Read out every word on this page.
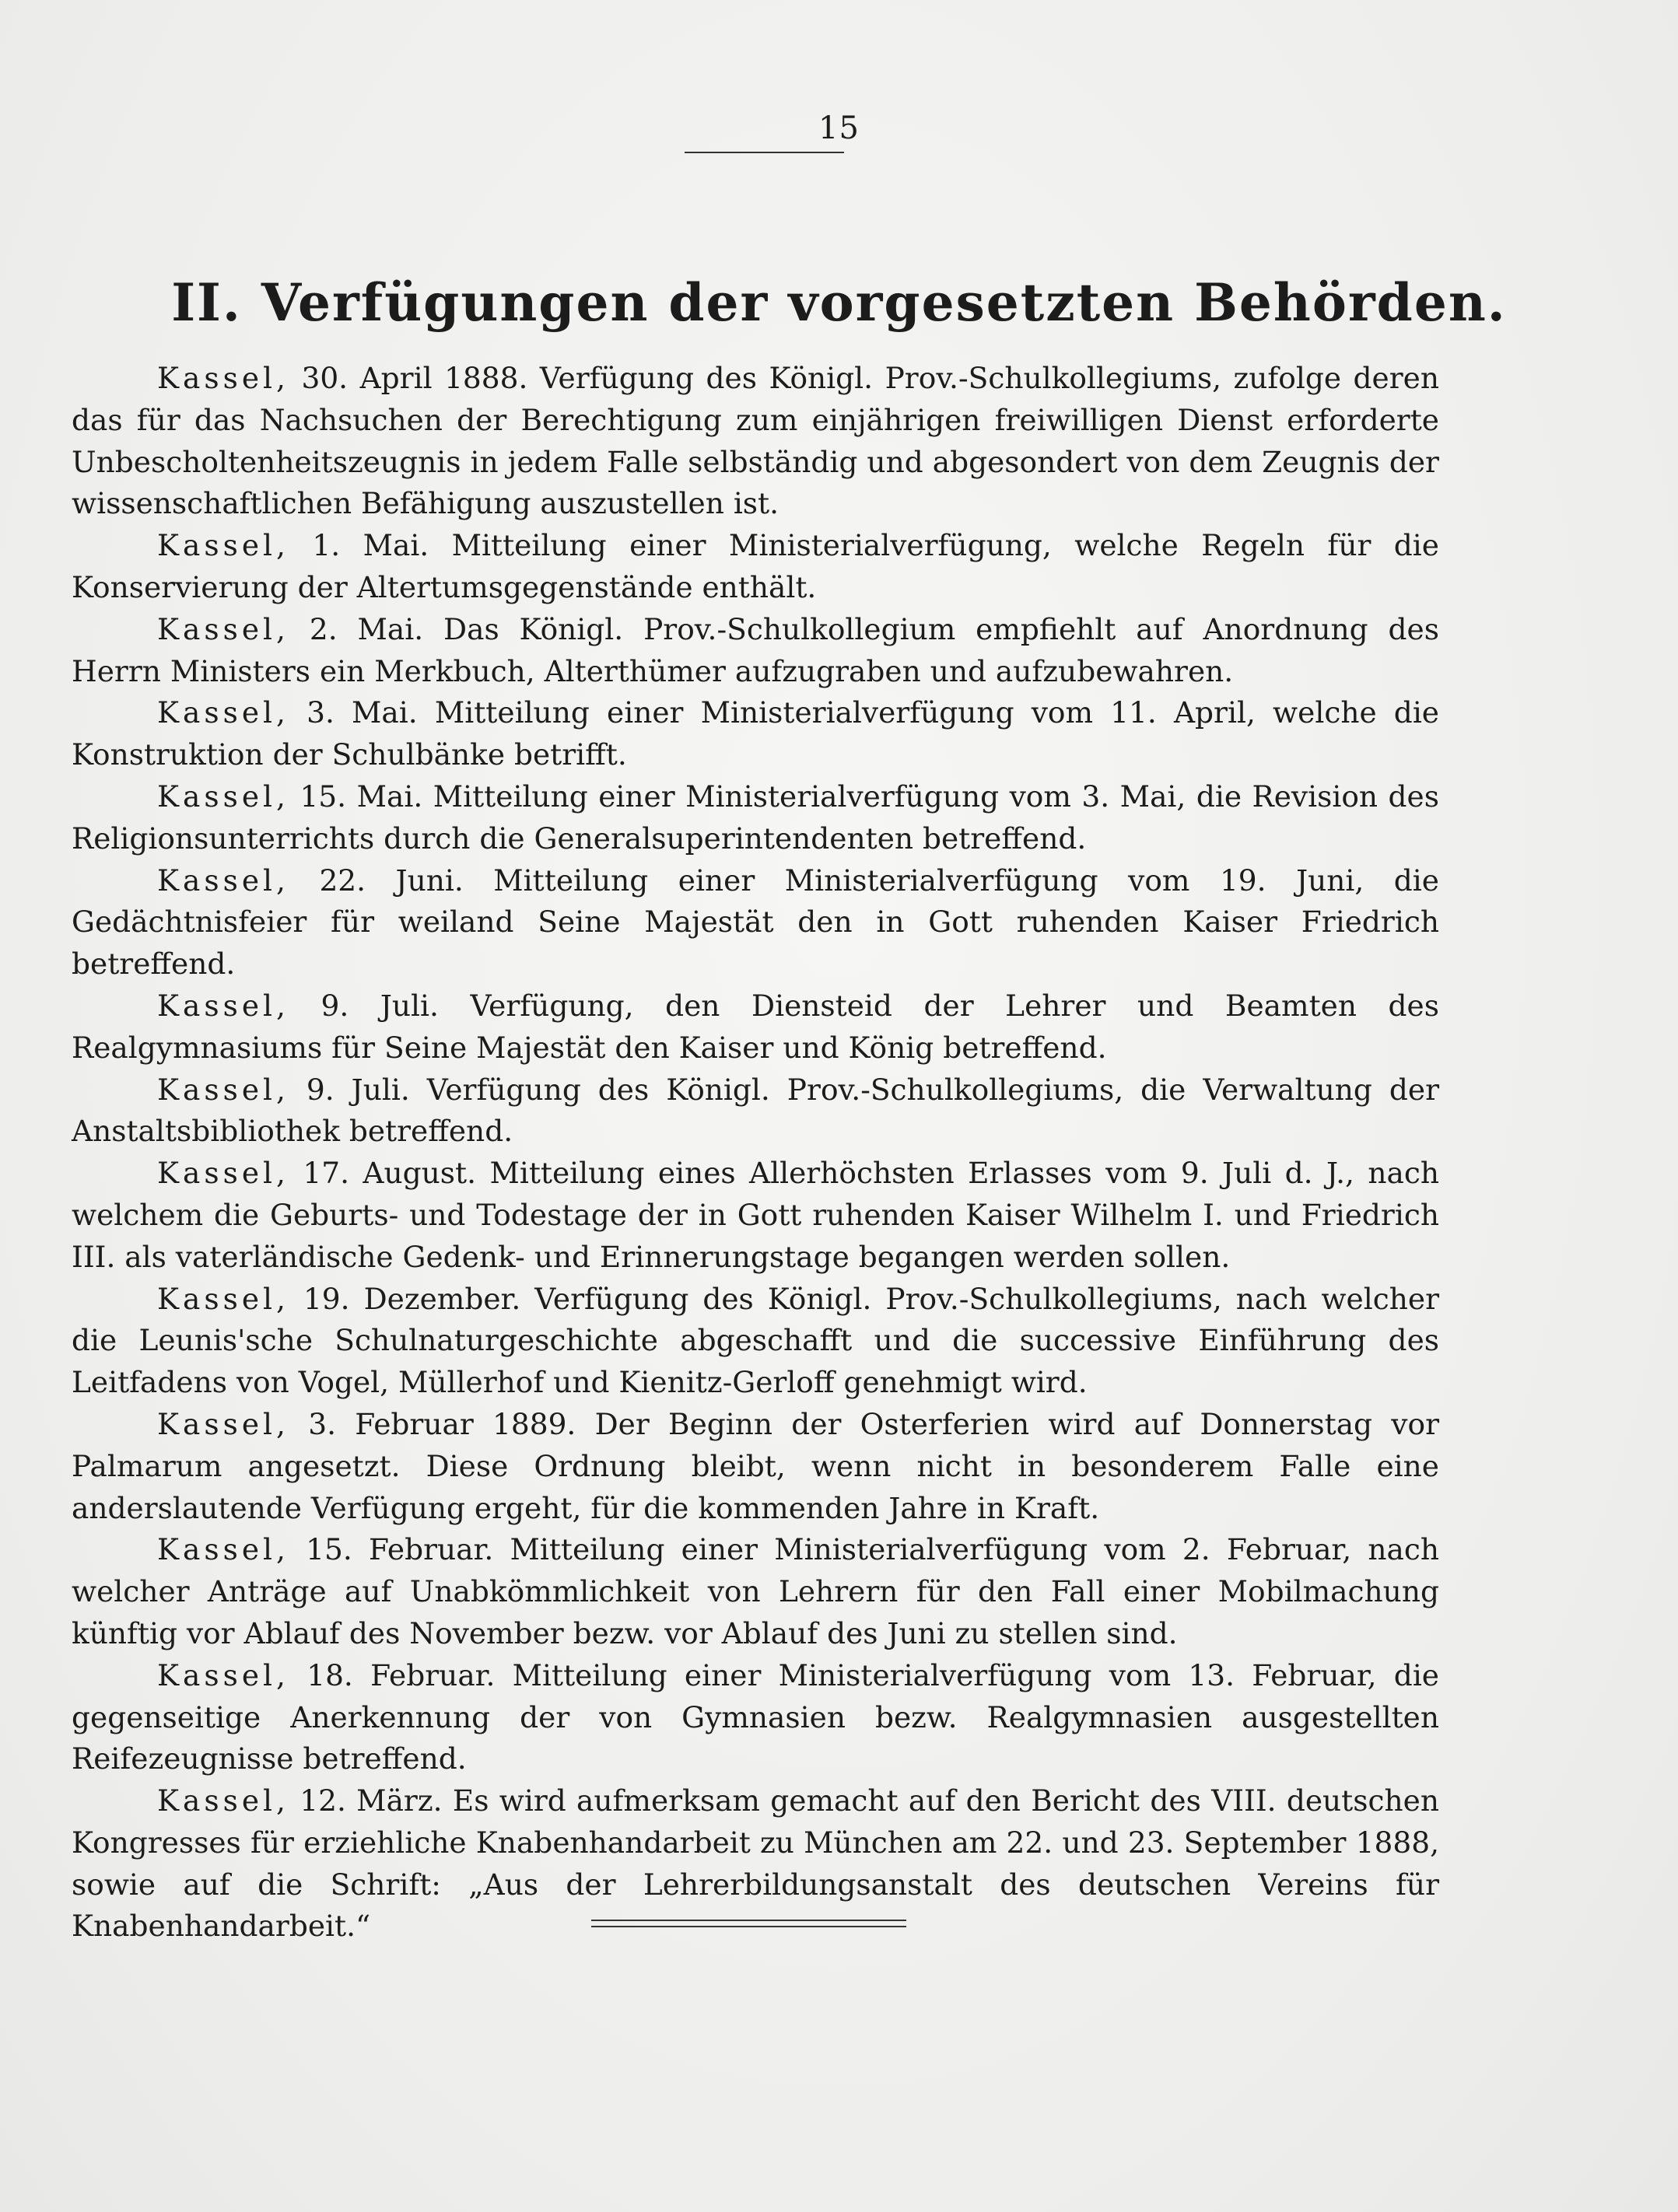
15
II. Verfügungen der vorgesetzten Behörden.

Kassel, 30. April 1888. Verfügung des Königl. Prov.-Schulkollegiums, zufolge deren das für das Nachsuchen der Berechtigung zum einjährigen freiwilligen Dienst erforderte Unbescholtenheitszeugnis in jedem Falle selbständig und abgesondert von dem Zeugnis der wissenschaftlichen Befähigung auszustellen ist.

Kassel, 1. Mai. Mitteilung einer Ministerialverfügung, welche Regeln für die Konservierung der Altertumsgegenstände enthält.

Kassel, 2. Mai. Das Königl. Prov.-Schulkollegium empfiehlt auf Anordnung des Herrn Ministers ein Merkbuch, Alterthümer aufzugraben und aufzubewahren.

Kassel, 3. Mai. Mitteilung einer Ministerialverfügung vom 11. April, welche die Konstruktion der Schulbänke betrifft.

Kassel, 15. Mai. Mitteilung einer Ministerialverfügung vom 3. Mai, die Revision des Religionsunterrichts durch die Generalsuperintendenten betreffend.

Kassel, 22. Juni. Mitteilung einer Ministerialverfügung vom 19. Juni, die Gedächtnisfeier für weiland Seine Majestät den in Gott ruhenden Kaiser Friedrich betreffend.

Kassel, 9. Juli. Verfügung, den Diensteid der Lehrer und Beamten des Realgymnasiums für Seine Majestät den Kaiser und König betreffend.

Kassel, 9. Juli. Verfügung des Königl. Prov.-Schulkollegiums, die Verwaltung der Anstaltsbibliothek betreffend.

Kassel, 17. August. Mitteilung eines Allerhöchsten Erlasses vom 9. Juli d. J., nach welchem die Geburts- und Todestage der in Gott ruhenden Kaiser Wilhelm I. und Friedrich III. als vaterländische Gedenk- und Erinnerungstage begangen werden sollen.

Kassel, 19. Dezember. Verfügung des Königl. Prov.-Schulkollegiums, nach welcher die Leunis'sche Schulnaturgeschichte abgeschafft und die successive Einführung des Leitfadens von Vogel, Müllerhof und Kienitz-Gerloff genehmigt wird.

Kassel, 3. Februar 1889. Der Beginn der Osterferien wird auf Donnerstag vor Palmarum angesetzt. Diese Ordnung bleibt, wenn nicht in besonderem Falle eine anderslautende Verfügung ergeht, für die kommenden Jahre in Kraft.

Kassel, 15. Februar. Mitteilung einer Ministerialverfügung vom 2. Februar, nach welcher Anträge auf Unabkömmlichkeit von Lehrern für den Fall einer Mobilmachung künftig vor Ablauf des November bezw. vor Ablauf des Juni zu stellen sind.

Kassel, 18. Februar. Mitteilung einer Ministerialverfügung vom 13. Februar, die gegenseitige Anerkennung der von Gymnasien bezw. Realgymnasien ausgestellten Reifezeugnisse betreffend.

Kassel, 12. März. Es wird aufmerksam gemacht auf den Bericht des VIII. deutschen Kongresses für erziehliche Knabenhandarbeit zu München am 22. und 23. September 1888, sowie auf die Schrift: „Aus der Lehrerbildungsanstalt des deutschen Vereins für Knabenhandarbeit.“
